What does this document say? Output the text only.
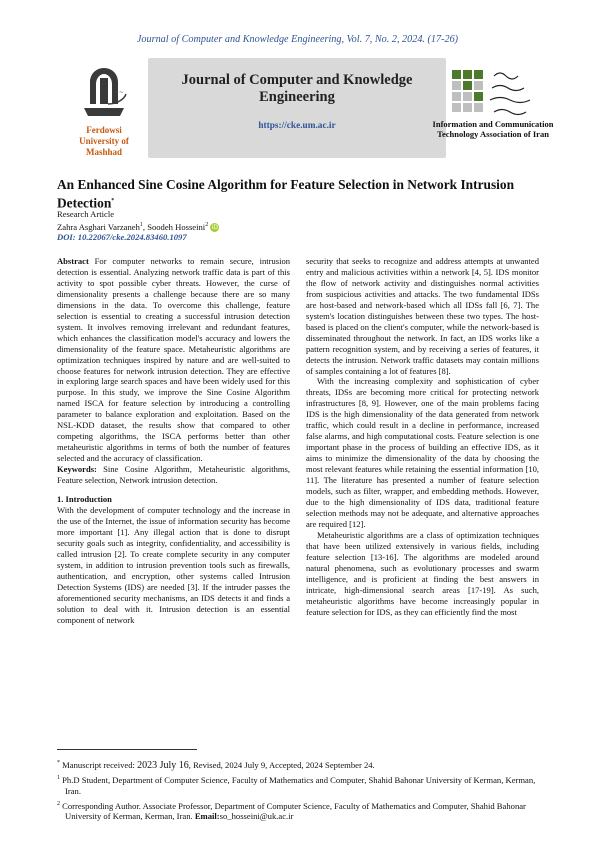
Journal of Computer and Knowledge Engineering, Vol. 7, No. 2, 2024. (17-26)
~~
Ferdowsi University of Mashhad
Journal of Computer and Knowledge Engineering
https://cke.um.ac.ir	Information and Communication Technology Association of Iran
An Enhanced Sine Cosine Algorithm for Feature Selection in Network Intrusion Detection*
Research Article
Zahra Asghari Varzaneh$^1$, Soodeh Hosseini$^2$ iD
DOI: 10.22067/cke.2024.83460.1097

Abstract For computer networks to remain secure, intrusion detection is essential. Analyzing network traffic data is part of this activity to spot possible cyber threats. However, the curse of dimensionality presents a challenge because there are so many dimensions in the data. To overcome this challenge, feature selection is essential to creating a successful intrusion detection system. It involves removing irrelevant and redundant features, which enhances the classification model's accuracy and lowers the dimensionality of the feature space. Metaheuristic algorithms are optimization techniques inspired by nature and are well-suited to choose features for network intrusion detection. They are effective in exploring large search spaces and have been widely used for this purpose. In this study, we improve the Sine Cosine Algorithm named ISCA for feature selection by introducing a controlling parameter to balance exploration and exploitation. Based on the NSL-KDD dataset, the results show that compared to other competing algorithms, the ISCA performs better than other metaheuristic algorithms in terms of both the number of features selected and the accuracy of classification.

Keywords: Sine Cosine Algorithm, Metaheuristic algorithms, Feature selection, Network intrusion detection.

1. Introduction

With the development of computer technology and the increase in the use of the Internet, the issue of information security has become more important [1]. Any illegal action that is done to disrupt security goals such as integrity, confidentiality, and accessibility is called intrusion [2]. To create complete security in any computer system, in addition to intrusion prevention tools such as firewalls, authentication, and encryption, other systems called Intrusion Detection Systems (IDS) are needed [3]. If the intruder passes the aforementioned security mechanisms, an IDS detects it and finds a solution to deal with it. Intrusion detection is an essential component of network

security that seeks to recognize and address attempts at unwanted entry and malicious activities within a network [4, 5]. IDS monitor the flow of network activity and distinguishes normal activities from suspicious activities and attacks. The two fundamental IDSs are host-based and network-based which all IDSs fall [6, 7]. The system's location distinguishes between these two types. The host-based is placed on the client's computer, while the network-based is disseminated throughout the network. In fact, an IDS works like a pattern recognition system, and by receiving a series of features, it detects the intrusion. Network traffic datasets may contain millions of samples containing a lot of features [8].

With the increasing complexity and sophistication of cyber threats, IDSs are becoming more critical for protecting network infrastructures [8, 9]. However, one of the main problems facing IDS is the high dimensionality of the data generated from network traffic, which could result in a decline in performance, increased false alarms, and high computational costs. Feature selection is one important phase in the process of building an effective IDS, as it aims to minimize the dimensionality of the data by choosing the most relevant features while retaining the essential information [10, 11]. The literature has presented a number of feature selection models, such as filter, wrapper, and embedding methods. However, due to the high dimensionality of IDS data, traditional feature selection methods may not be adequate, and alternative approaches are required [12].

Metaheuristic algorithms are a class of optimization techniques that have been utilized extensively in various fields, including feature selection [13-16]. The algorithms are modeled around natural phenomena, such as evolutionary processes and swarm intelligence, and is proficient at finding the best answers in intricate, high-dimensional search areas [17-19]. As such, metaheuristic algorithms have become increasingly popular in feature selection for IDS, as they can efficiently find the most

* Manuscript received: 2023 July 16, Revised, 2024 July 9, Accepted, 2024 September 24.

$^1$ Ph.D Student, Department of Computer Science, Faculty of Mathematics and Computer, Shahid Bahonar University of Kerman, Kerman, Iran.

$^2$ Corresponding Author. Associate Professor, Department of Computer Science, Faculty of Mathematics and Computer, Shahid Bahonar University of Kerman, Kerman, Iran. Email:so_hosseini@uk.ac.ir
